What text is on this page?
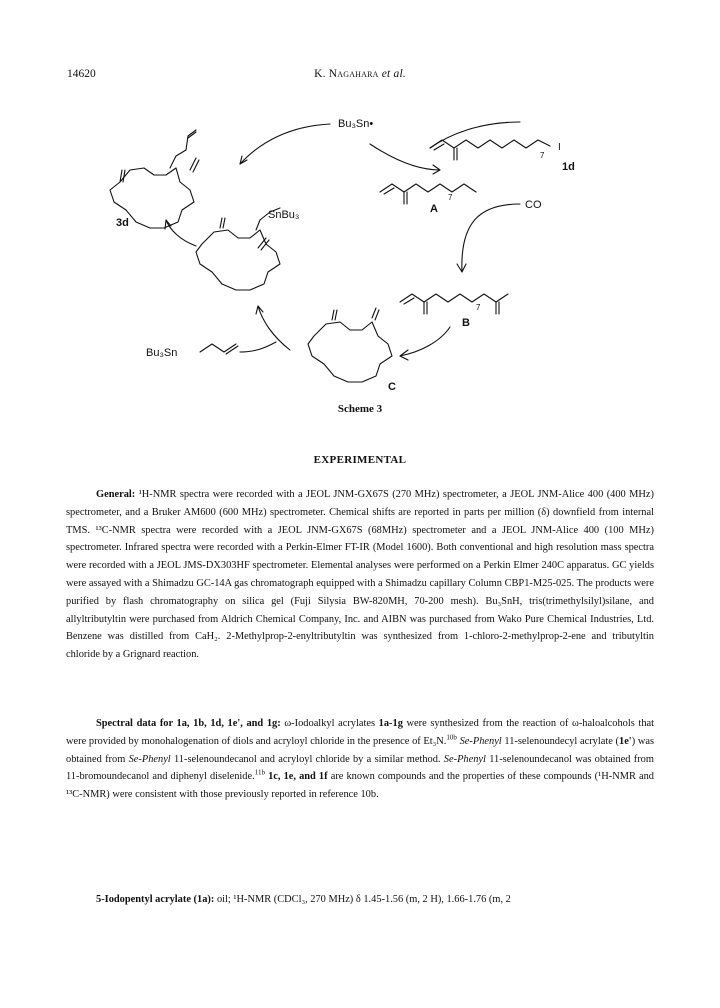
14620	K. Nagahara et al.
Bu₃Sn•
I
7
1d
3d
A
7
CO
7
B
C
SnBu₃
Bu₃Sn
Scheme 3
EXPERIMENTAL
General: ¹H-NMR spectra were recorded with a JEOL JNM-GX67S (270 MHz) spectrometer, a JEOL JNM-Alice 400 (400 MHz) spectrometer, and a Bruker AM600 (600 MHz) spectrometer. Chemical shifts are reported in parts per million (δ) downfield from internal TMS. ¹³C-NMR spectra were recorded with a JEOL JNM-GX67S (68MHz) spectrometer and a JEOL JNM-Alice 400 (100 MHz) spectrometer. Infrared spectra were recorded with a Perkin-Elmer FT-IR (Model 1600). Both conventional and high resolution mass spectra were recorded with a JEOL JMS-DX303HF spectrometer. Elemental analyses were performed on a Perkin Elmer 240C apparatus. GC yields were assayed with a Shimadzu GC-14A gas chromatograph equipped with a Shimadzu capillary Column CBP1-M25-025. The products were purified by flash chromatography on silica gel (Fuji Silysia BW-820MH, 70-200 mesh). Bu₃SnH, tris(trimethylsilyl)silane, and allyltributyltin were purchased from Aldrich Chemical Company, Inc. and AIBN was purchased from Wako Pure Chemical Industries, Ltd. Benzene was distilled from CaH₂. 2-Methylprop-2-enyltributyltin was synthesized from 1-chloro-2-methylprop-2-ene and tributyltin chloride by a Grignard reaction.
Spectral data for 1a, 1b, 1d, 1e', and 1g: ω-Iodoalkyl acrylates 1a-1g were synthesized from the reaction of ω-haloalcohols that were provided by monohalogenation of diols and acryloyl chloride in the presence of Et₃N.$^{10b}$ Se-Phenyl 11-selenoundecyl acrylate (1e') was obtained from Se-Phenyl 11-selenoundecanol and acryloyl chloride by a similar method. Se-Phenyl 11-selenoundecanol was obtained from 11-bromoundecanol and diphenyl diselenide.$^{11b}$ 1c, 1e, and 1f are known compounds and the properties of these compounds (¹H-NMR and ¹³C-NMR) were consistent with those previously reported in reference 10b.
5-Iodopentyl acrylate (1a): oil; ¹H-NMR (CDCl₃, 270 MHz) δ 1.45-1.56 (m, 2 H), 1.66-1.76 (m, 2
